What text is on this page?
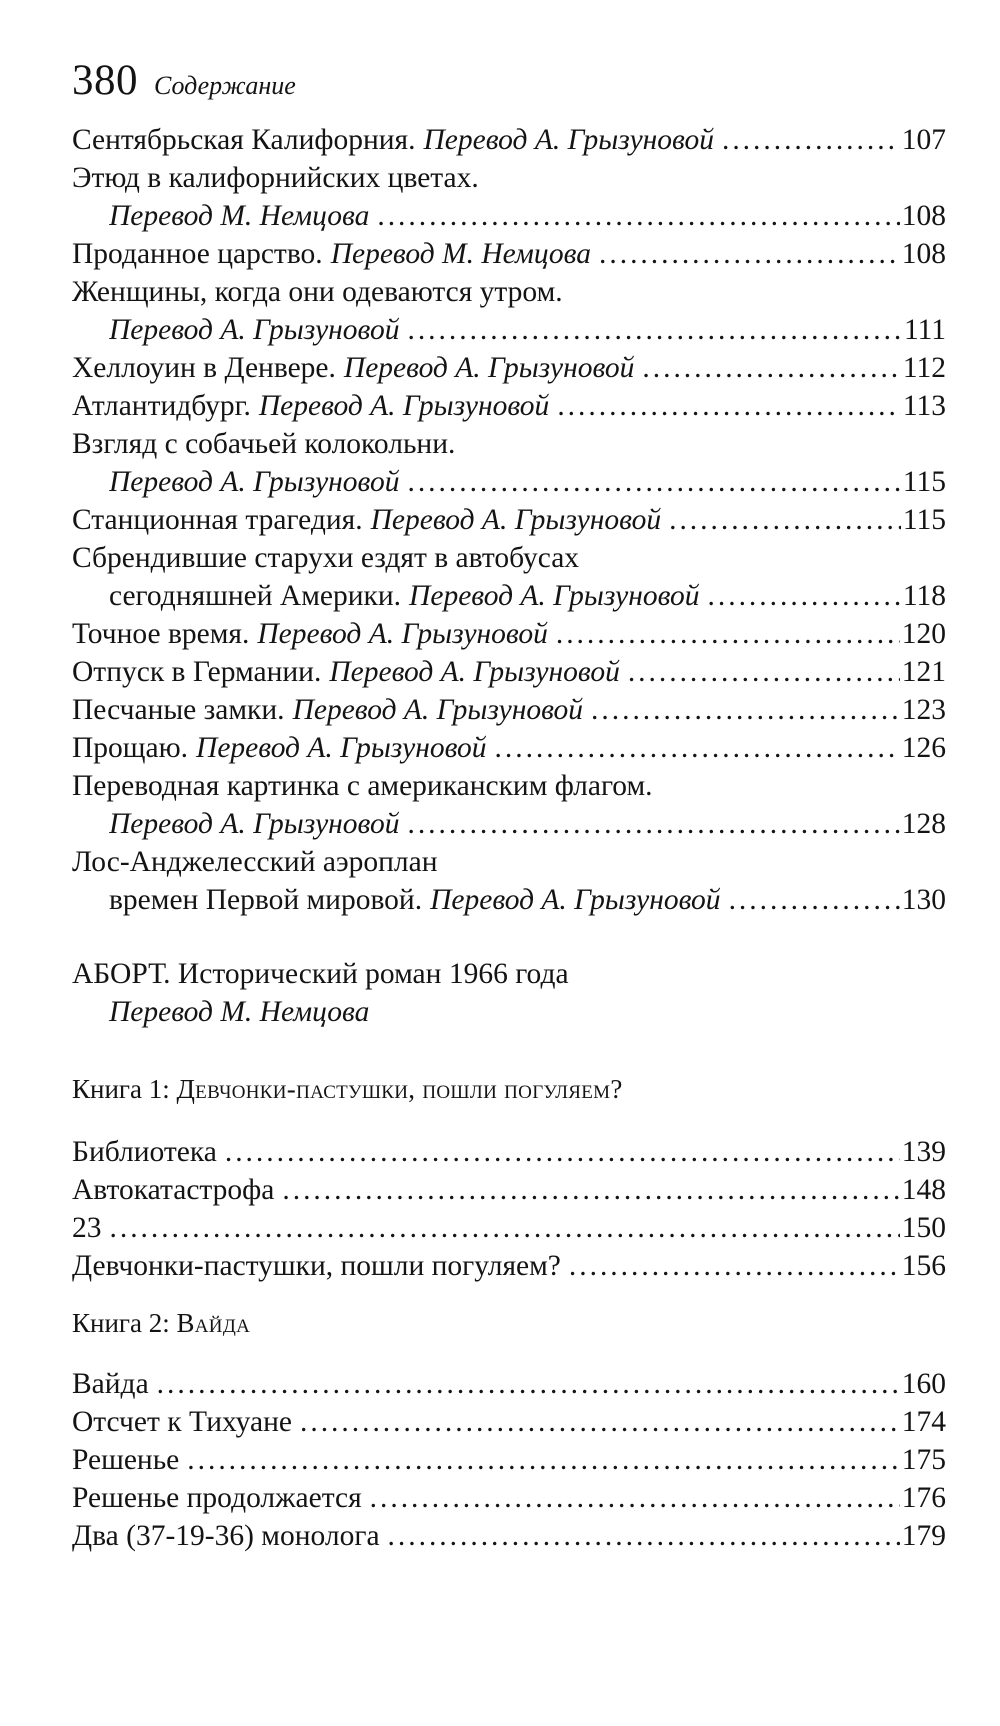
380 Содержание
Сентябрьская Калифорния. Перевод А. Грызуновой . . .	107
Этюд в калифорнийских цветах.
Перевод М. Немцова . . .	108
Проданное царство. Перевод М. Немцова . . .	108
Женщины, когда они одеваются утром.
Перевод А. Грызуновой . . .	111
Хеллоуин в Денвере. Перевод А. Грызуновой . . .	112
Атлантидбург. Перевод А. Грызуновой . . .	113
Взгляд с собачьей колокольни.
Перевод А. Грызуновой . . .	115
Станционная трагедия. Перевод А. Грызуновой . . .	115
Сбрендившие старухи ездят в автобусах
сегодняшней Америки. Перевод А. Грызуновой . . .	118
Точное время. Перевод А. Грызуновой . . .	120
Отпуск в Германии. Перевод А. Грызуновой . . .	121
Песчаные замки. Перевод А. Грызуновой . . .	123
Прощаю. Перевод А. Грызуновой . . .	126
Переводная картинка с американским флагом.
Перевод А. Грызуновой . . .	128
Лос-Анджелесский аэроплан
времен Первой мировой. Перевод А. Грызуновой . . .	130
АБОРТ. Исторический роман 1966 года
Перевод М. Немцова
Книга 1: Девчонки-пастушки, пошли погуляем?
Библиотека . . .	139
Автокатастрофа . . .	148
23 . . .	150
Девчонки-пастушки, пошли погуляем? . . .	156
Книга 2: Вайда
Вайда . . .	160
Отсчет к Тихуане . . .	174
Решенье . . .	175
Решенье продолжается . . .	176
Два (37-19-36) монолога . . .	179
